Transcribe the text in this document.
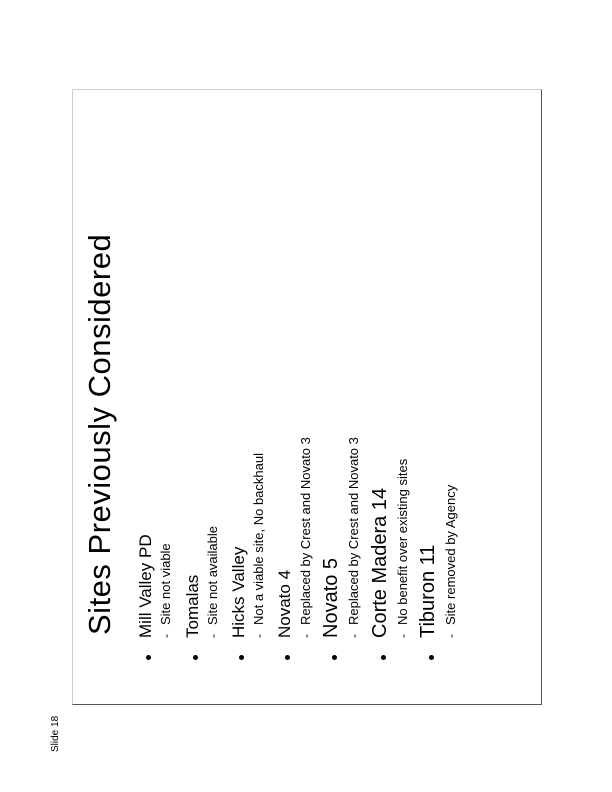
Slide 18
Sites Previously Considered Mill Valley PD -
Site not viable Tomalas -
Site not available Hicks Valley -
Not a viable site, No backhaul Novato 4 -
Replaced by Crest and Novato 3 Novato 5 -
Replaced by Crest and Novato 3 Corte Madera 14 -
No benefit over existing sites Tiburon 11 -
Site removed by Agency
